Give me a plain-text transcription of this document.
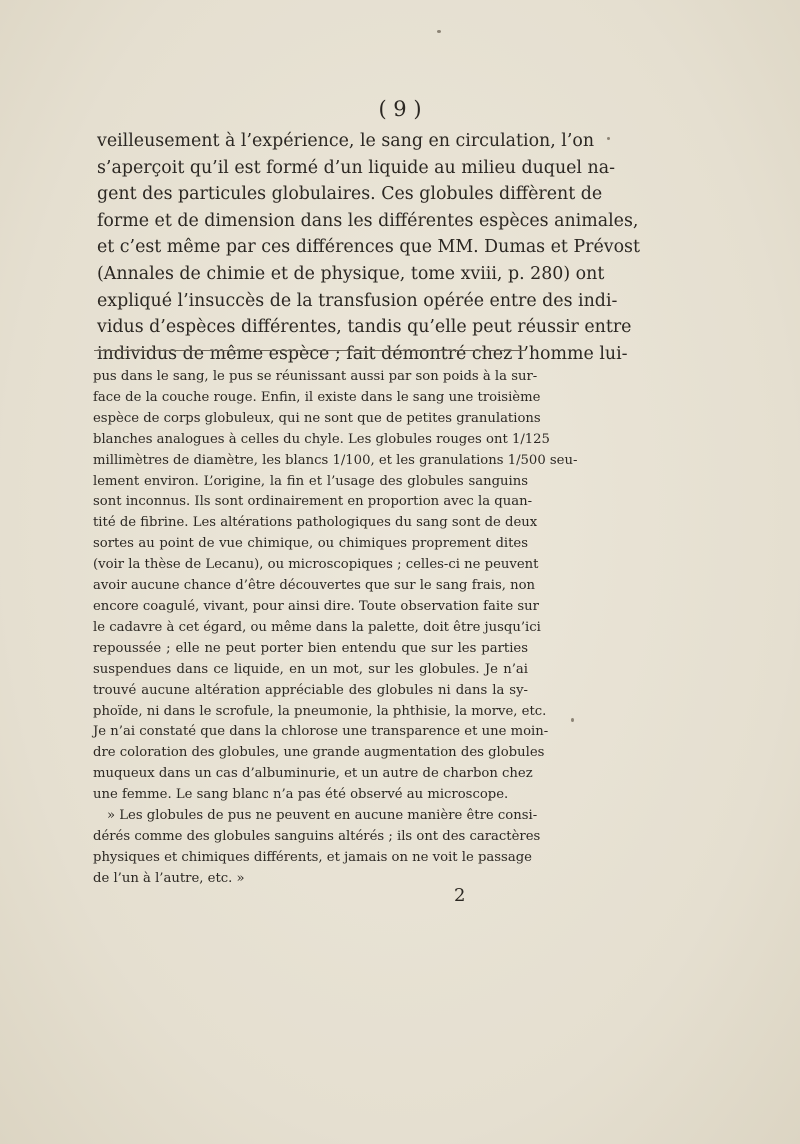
( 9 )
veilleusement à l’expérience, le sang en circulation, l’on
s’aperçoit qu’il est formé d’un liquide au milieu duquel na-
gent des particules globulaires. Ces globules diffèrent de
forme et de dimension dans les différentes espèces animales,
et c’est même par ces différences que MM. Dumas et Prévost
(Annales de chimie et de physique, tome xviii, p. 280) ont
expliqué l’insuccès de la transfusion opérée entre des indi-
vidus d’espèces différentes, tandis qu’elle peut réussir entre
individus de même espèce ; fait démontré chez l’homme lui-
pus dans le sang, le pus se réunissant aussi par son poids à la sur-
face de la couche rouge. Enfin, il existe dans le sang une troisième
espèce de corps globuleux, qui ne sont que de petites granulations
blanches analogues à celles du chyle. Les globules rouges ont 1/125
millimètres de diamètre, les blancs 1/100, et les granulations 1/500 seu-
lement environ. L’origine, la fin et l’usage des globules sanguins
sont inconnus. Ils sont ordinairement en proportion avec la quan-
tité de fibrine. Les altérations pathologiques du sang sont de deux
sortes au point de vue chimique, ou chimiques proprement dites
(voir la thèse de Lecanu), ou microscopiques ; celles-ci ne peuvent
avoir aucune chance d’être découvertes que sur le sang frais, non
encore coagulé, vivant, pour ainsi dire. Toute observation faite sur
le cadavre à cet égard, ou même dans la palette, doit être jusqu’ici
repoussée ; elle ne peut porter bien entendu que sur les parties
suspendues dans ce liquide, en un mot, sur les globules. Je n’ai
trouvé aucune altération appréciable des globules ni dans la sy-
phoïde, ni dans le scrofule, la pneumonie, la phthisie, la morve, etc.
Je n’ai constaté que dans la chlorose une transparence et une moin-
dre coloration des globules, une grande augmentation des globules
muqueux dans un cas d’albuminurie, et un autre de charbon chez
une femme. Le sang blanc n’a pas été observé au microscope.
» Les globules de pus ne peuvent en aucune manière être consi-
dérés comme des globules sanguins altérés ; ils ont des caractères
physiques et chimiques différents, et jamais on ne voit le passage
de l’un à l’autre, etc. »
2
